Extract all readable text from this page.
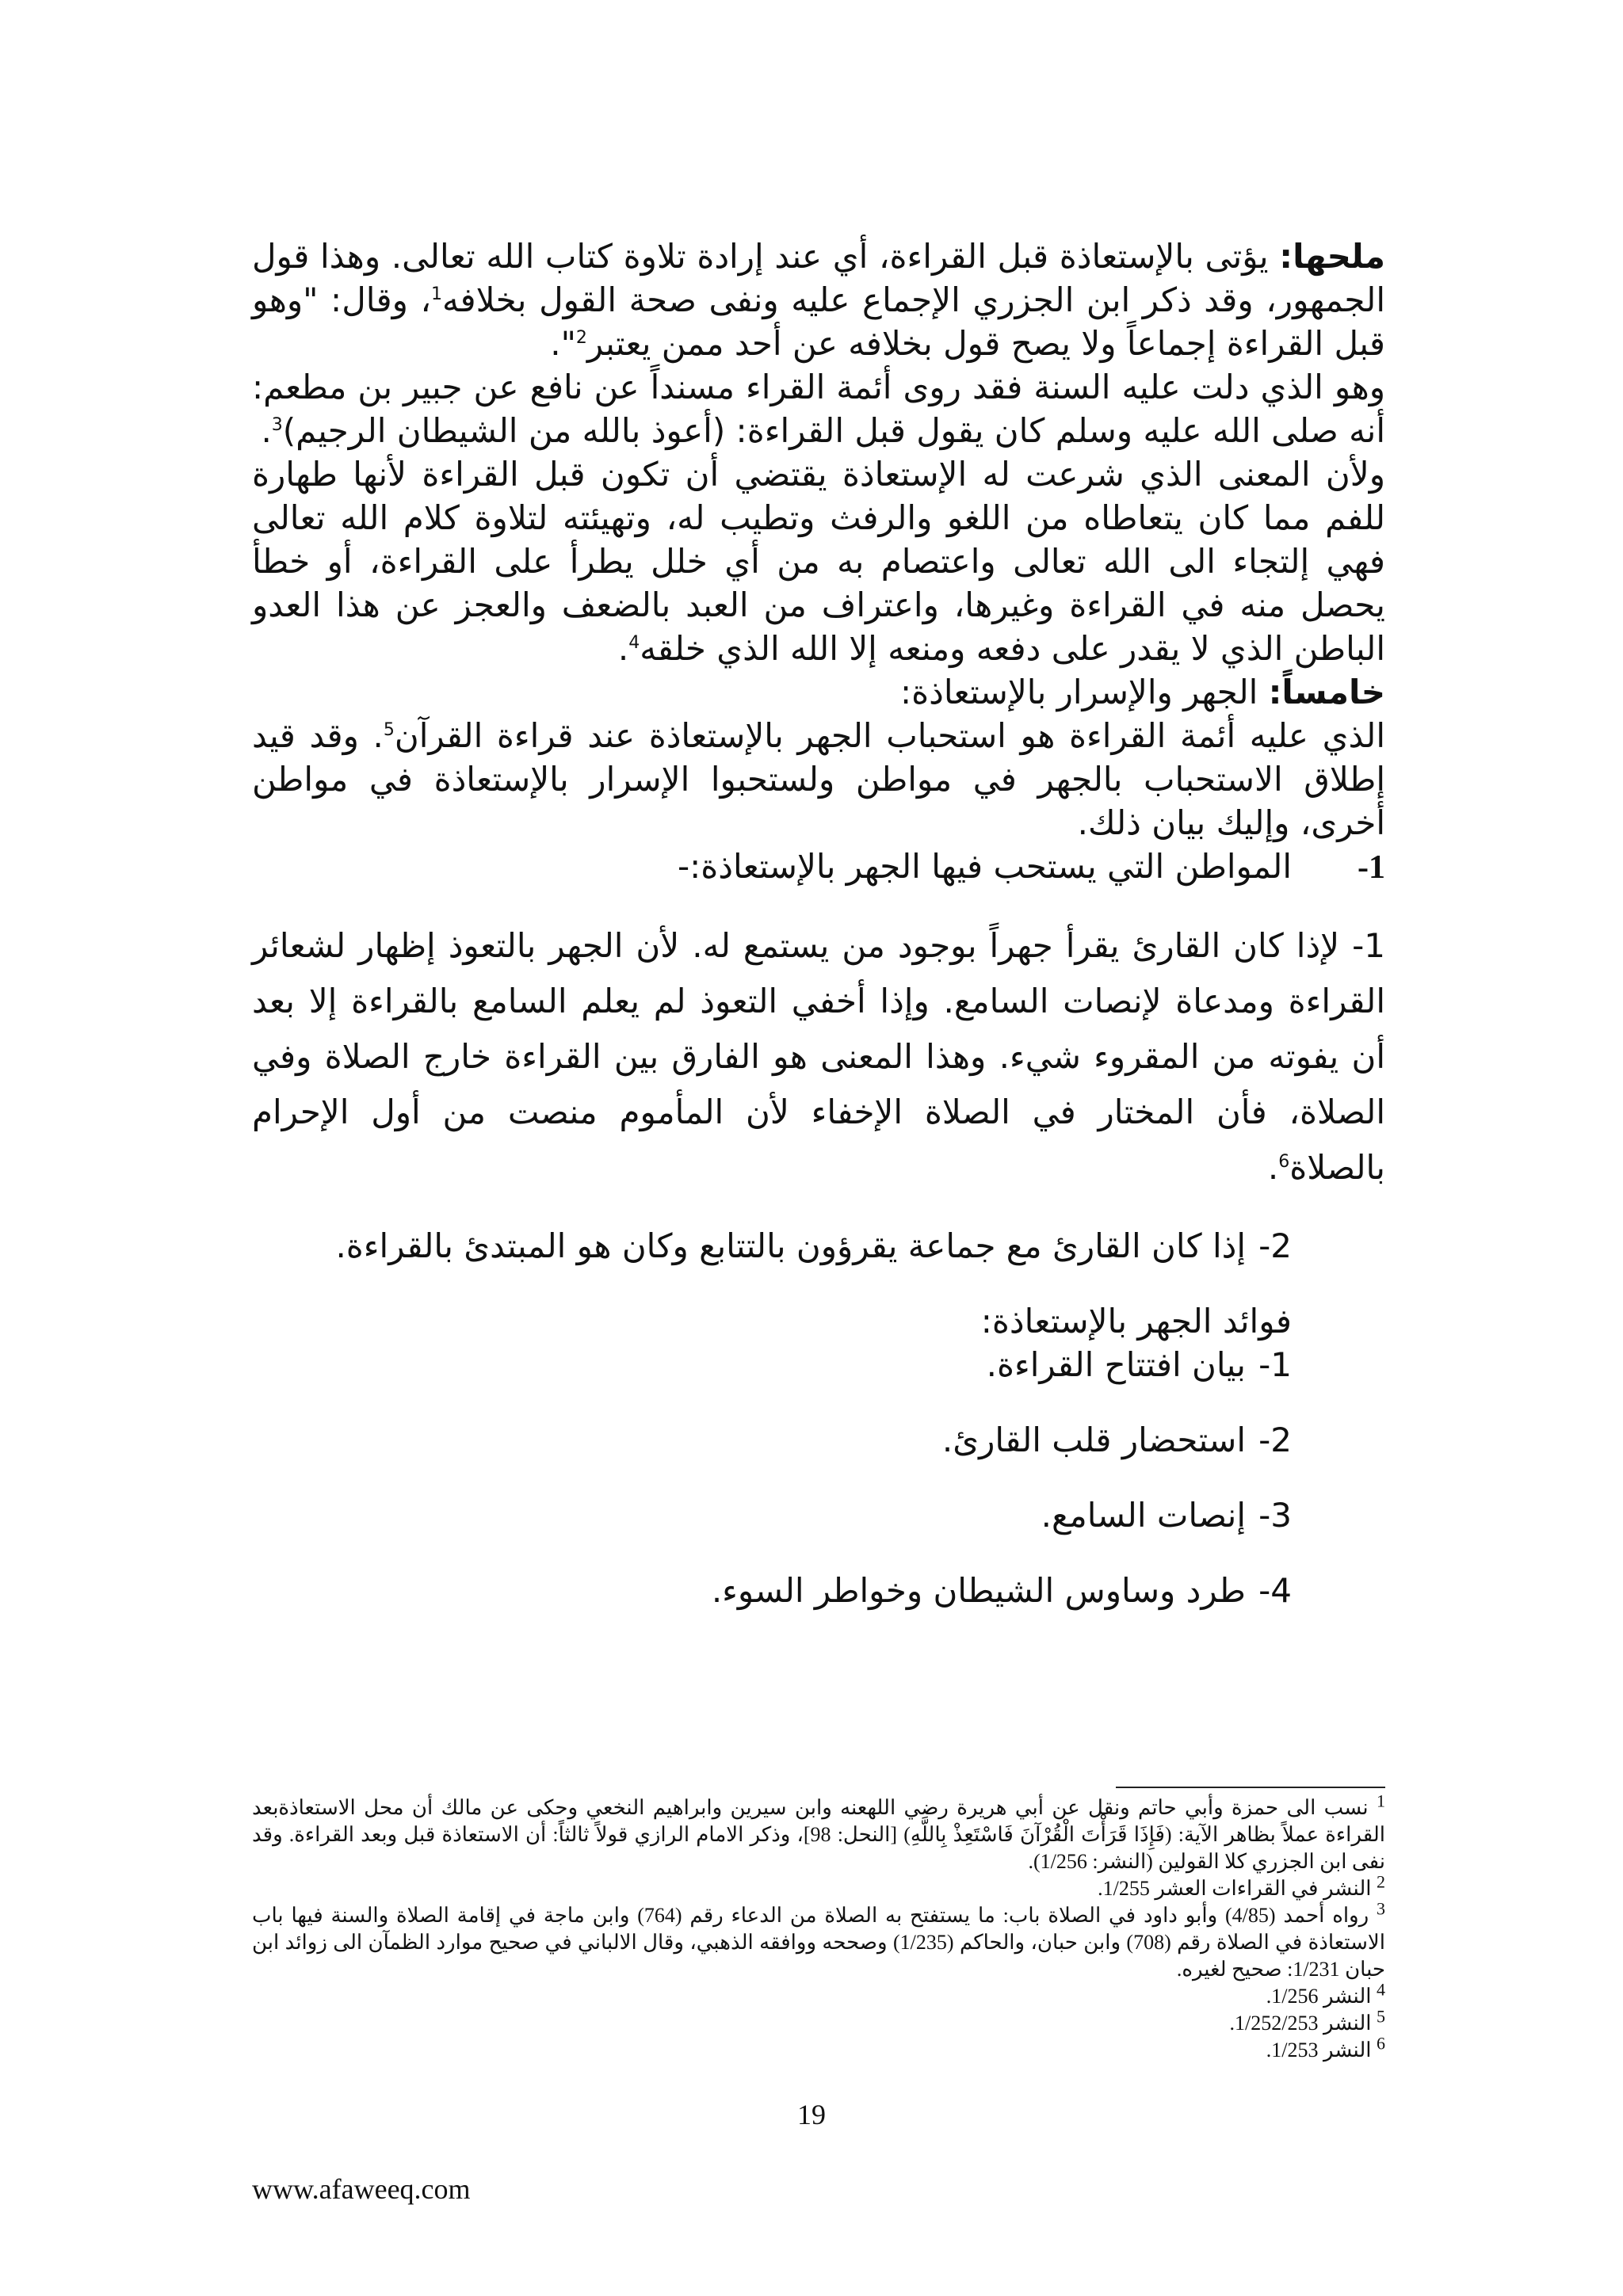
ملحها: يؤتى بالإستعاذة قبل القراءة، أي عند إرادة تلاوة كتاب الله تعالى. وهذا قول الجمهور، وقد ذكر ابن الجزري الإجماع عليه ونفى صحة القول بخلافه$^1$، وقال: "وهو قبل القراءة إجماعاً ولا يصح قول بخلافه عن أحد ممن يعتبر$^2$".

وهو الذي دلت عليه السنة فقد روى أئمة القراء مسنداً عن نافع عن جبير بن مطعم: أنه صلى الله عليه وسلم كان يقول قبل القراءة: (أعوذ بالله من الشيطان الرجيم)$^3$.

ولأن المعنى الذي شرعت له الإستعاذة يقتضي أن تكون قبل القراءة لأنها طهارة للفم مما كان يتعاطاه من اللغو والرفث وتطيب له، وتهيئته لتلاوة كلام الله تعالى فهي إلتجاء الى الله تعالى واعتصام به من أي خلل يطرأ على القراءة، أو خطأ يحصل منه في القراءة وغيرها، واعتراف من العبد بالضعف والعجز عن هذا العدو الباطن الذي لا يقدر على دفعه ومنعه إلا الله الذي خلقه$^4$.

خامساً: الجهر والإسرار بالإستعاذة:

الذي عليه أئمة القراءة هو استحباب الجهر بالإستعاذة عند قراءة القرآن$^5$. وقد قيد إطلاق الاستحباب بالجهر في مواطن ولستحبوا الإسرار بالإستعاذة في مواطن أخرى، وإليك بيان ذلك.

1-المواطن التي يستحب فيها الجهر بالإستعاذة:-

1- لإذا كان القارئ يقرأ جهراً بوجود من يستمع له. لأن الجهر بالتعوذ إظهار لشعائر القراءة ومدعاة لإنصات السامع. وإذا أخفي التعوذ لم يعلم السامع بالقراءة إلا بعد أن يفوته من المقروء شيء. وهذا المعنى هو الفارق بين القراءة خارج الصلاة وفي الصلاة، فأن المختار في الصلاة الإخفاء لأن المأموم منصت من أول الإحرام بالصلاة$^6$.

2-إذا كان القارئ مع جماعة يقرؤون بالتتابع وكان هو المبتدئ بالقراءة.

فوائد الجهر بالإستعاذة:

1-بيان افتتاح القراءة.

2-استحضار قلب القارئ.

3-إنصات السامع.

4-طرد وساوس الشيطان وخواطر السوء.

$^1$ نسب الى حمزة وأبي حاتم ونقل عن أبي هريرة رضي اللهعنه وابن سيرين وابراهيم النخعي وحكى عن مالك أن محل الاستعاذةبعد القراءة عملاً بظاهر الآية: (فَإِذَا قَرَأْتَ الْقُرْآنَ فَاسْتَعِذْ بِاللَّهِ) [النحل: 98]، وذكر الامام الرازي قولاً ثالثاً: أن الاستعاذة قبل وبعد القراءة. وقد نفى ابن الجزري كلا القولين (النشر: 1/256).

$^2$ النشر في القراءات العشر 1/255.

$^3$ رواه أحمد (4/85) وأبو داود في الصلاة باب: ما يستفتح به الصلاة من الدعاء رقم (764) وابن ماجة في إقامة الصلاة والسنة فيها باب الاستعاذة في الصلاة رقم (708) وابن حبان، والحاكم (1/235) وصححه ووافقه الذهبي، وقال الالباني في صحيح موارد الظمآن الى زوائد ابن حبان 1/231: صحيح لغيره.

$^4$ النشر 1/256.

$^5$ النشر 1/252/253.

$^6$ النشر 1/253.

19
www.afaweeq.com
